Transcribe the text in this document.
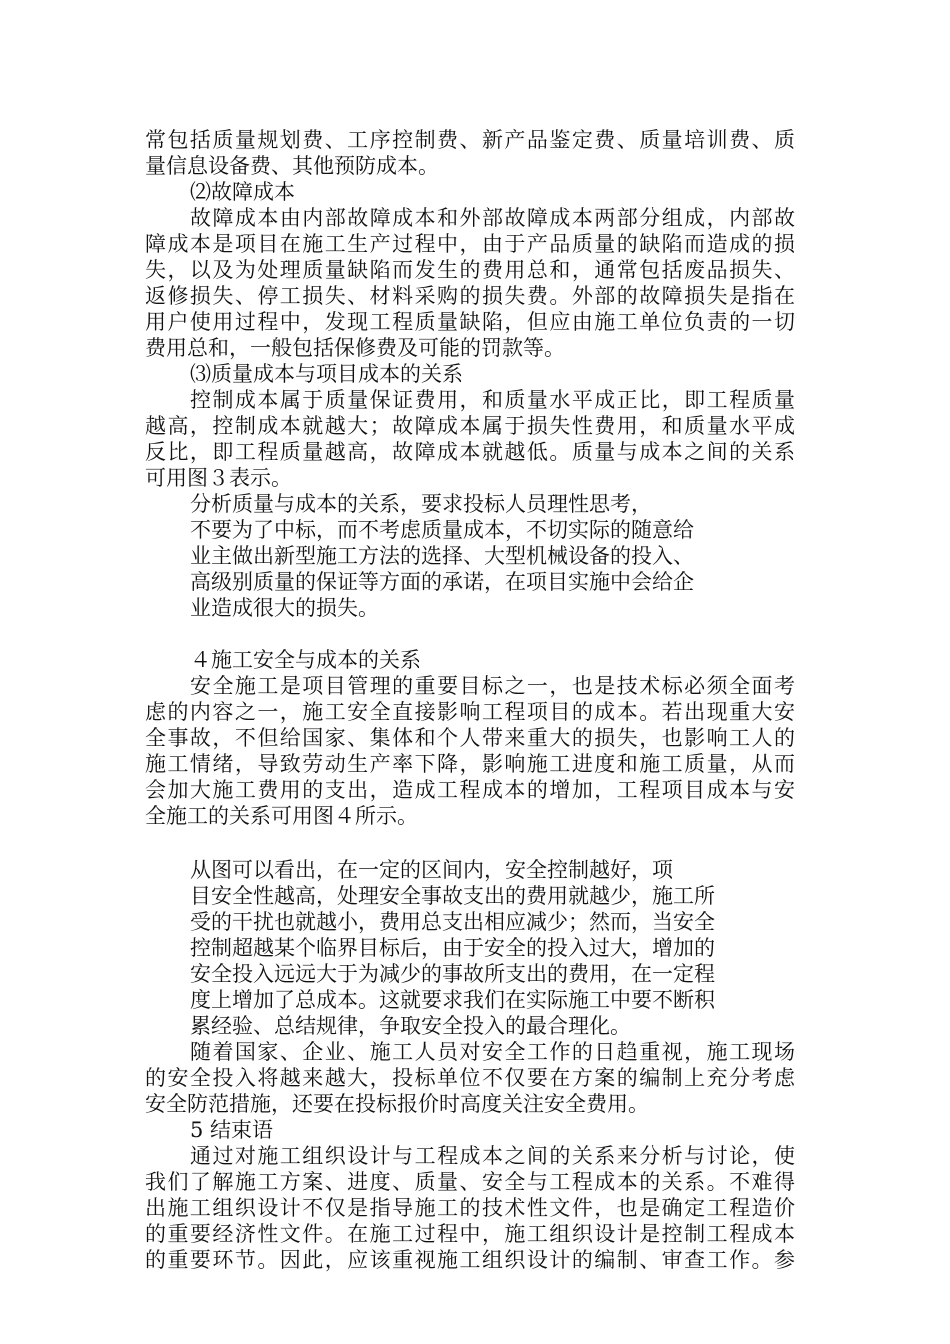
常包括质量规划费、工序控制费、新产品鉴定费、质量培训费、质
量信息设备费、其他预防成本。
⑵故障成本
故障成本由内部故障成本和外部故障成本两部分组成，内部故
障成本是项目在施工生产过程中，由于产品质量的缺陷而造成的损
失，以及为处理质量缺陷而发生的费用总和，通常包括废品损失、
返修损失、停工损失、材料采购的损失费。外部的故障损失是指在
用户使用过程中，发现工程质量缺陷，但应由施工单位负责的一切
费用总和，一般包括保修费及可能的罚款等。
⑶质量成本与项目成本的关系
控制成本属于质量保证费用，和质量水平成正比，即工程质量
越高，控制成本就越大；故障成本属于损失性费用，和质量水平成
反比，即工程质量越高，故障成本就越低。质量与成本之间的关系
可用图３表示。
分析质量与成本的关系，要求投标人员理性思考，
不要为了中标，而不考虑质量成本，不切实际的随意给
业主做出新型施工方法的选择、大型机械设备的投入、
高级别质量的保证等方面的承诺，在项目实施中会给企
业造成很大的损失。
４施工安全与成本的关系
安全施工是项目管理的重要目标之一，也是技术标必须全面考
虑的内容之一，施工安全直接影响工程项目的成本。若出现重大安
全事故，不但给国家、集体和个人带来重大的损失，也影响工人的
施工情绪，导致劳动生产率下降，影响施工进度和施工质量，从而
会加大施工费用的支出，造成工程成本的增加，工程项目成本与安
全施工的关系可用图４所示。
从图可以看出，在一定的区间内，安全控制越好，项
目安全性越高，处理安全事故支出的费用就越少，施工所
受的干扰也就越小，费用总支出相应减少；然而，当安全
控制超越某个临界目标后，由于安全的投入过大，增加的
安全投入远远大于为减少的事故所支出的费用，在一定程
度上增加了总成本。这就要求我们在实际施工中要不断积
累经验、总结规律，争取安全投入的最合理化。
随着国家、企业、施工人员对安全工作的日趋重视，施工现场
的安全投入将越来越大，投标单位不仅要在方案的编制上充分考虑
安全防范措施，还要在投标报价时高度关注安全费用。
5 结束语
通过对施工组织设计与工程成本之间的关系来分析与讨论，使
我们了解施工方案、进度、质量、安全与工程成本的关系。不难得
出施工组织设计不仅是指导施工的技术性文件，也是确定工程造价
的重要经济性文件。在施工过程中，施工组织设计是控制工程成本
的重要环节。因此，应该重视施工组织设计的编制、审查工作。参
